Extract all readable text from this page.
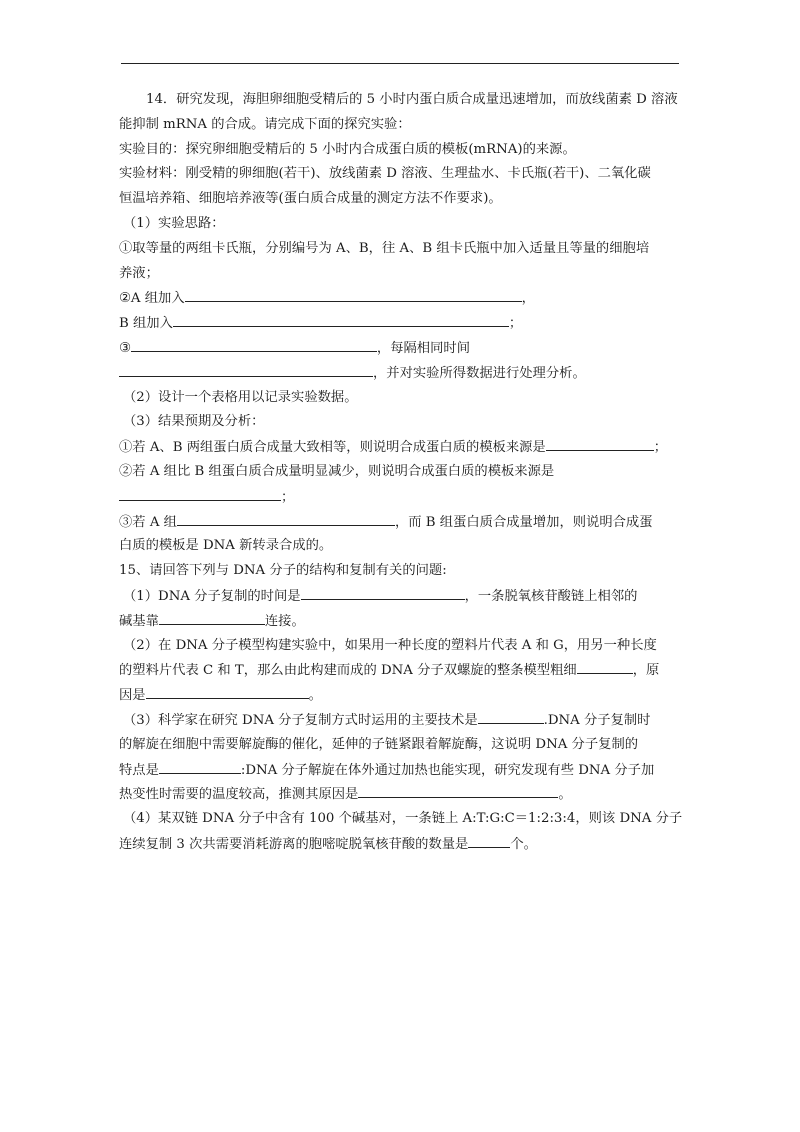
14．研究发现，海胆卵细胞受精后的 5 小时内蛋白质合成量迅速增加，而放线菌素 D 溶液
能抑制 mRNA 的合成。请完成下面的探究实验：
实验目的：探究卵细胞受精后的 5 小时内合成蛋白质的模板(mRNA)的来源。
实验材料：刚受精的卵细胞(若干)、放线菌素 D 溶液、生理盐水、卡氏瓶(若干)、二氧化碳
恒温培养箱、细胞培养液等(蛋白质合成量的测定方法不作要求)。
（1）实验思路：
①取等量的两组卡氏瓶，分别编号为 A、B，往 A、B 组卡氏瓶中加入适量且等量的细胞培
养液；
②A 组加入	，
B 组加入	；
③	，每隔相同时间
，并对实验所得数据进行处理分析。
（2）设计一个表格用以记录实验数据。
（3）结果预期及分析：
①若 A、B 两组蛋白质合成量大致相等，则说明合成蛋白质的模板来源是	；
②若 A 组比 B 组蛋白质合成量明显减少，则说明合成蛋白质的模板来源是
；
③若 A 组	，而 B 组蛋白质合成量增加，则说明合成蛋
白质的模板是 DNA 新转录合成的。
15、请回答下列与 DNA 分子的结构和复制有关的问题:
（1）DNA 分子复制的时间是	，一条脱氧核苷酸链上相邻的
碱基靠	连接。
（2）在 DNA 分子模型构建实验中，如果用一种长度的塑料片代表 A 和 G，用另一种长度
的塑料片代表 C 和 T，那么由此构建而成的 DNA 分子双螺旋的整条模型粗细	，原
因是	。
（3）科学家在研究 DNA 分子复制方式时运用的主要技术是	.DNA 分子复制时
的解旋在细胞中需要解旋酶的催化，延伸的子链紧跟着解旋酶，这说明 DNA 分子复制的
特点是	:DNA 分子解旋在体外通过加热也能实现，研究发现有些 DNA 分子加
热变性时需要的温度较高，推测其原因是	。
（4）某双链 DNA 分子中含有 100 个碱基对，一条链上 A:T:G:C＝1:2:3:4，则该 DNA 分子
连续复制 3 次共需要消耗游离的胞嘧啶脱氧核苷酸的数量是	个。
